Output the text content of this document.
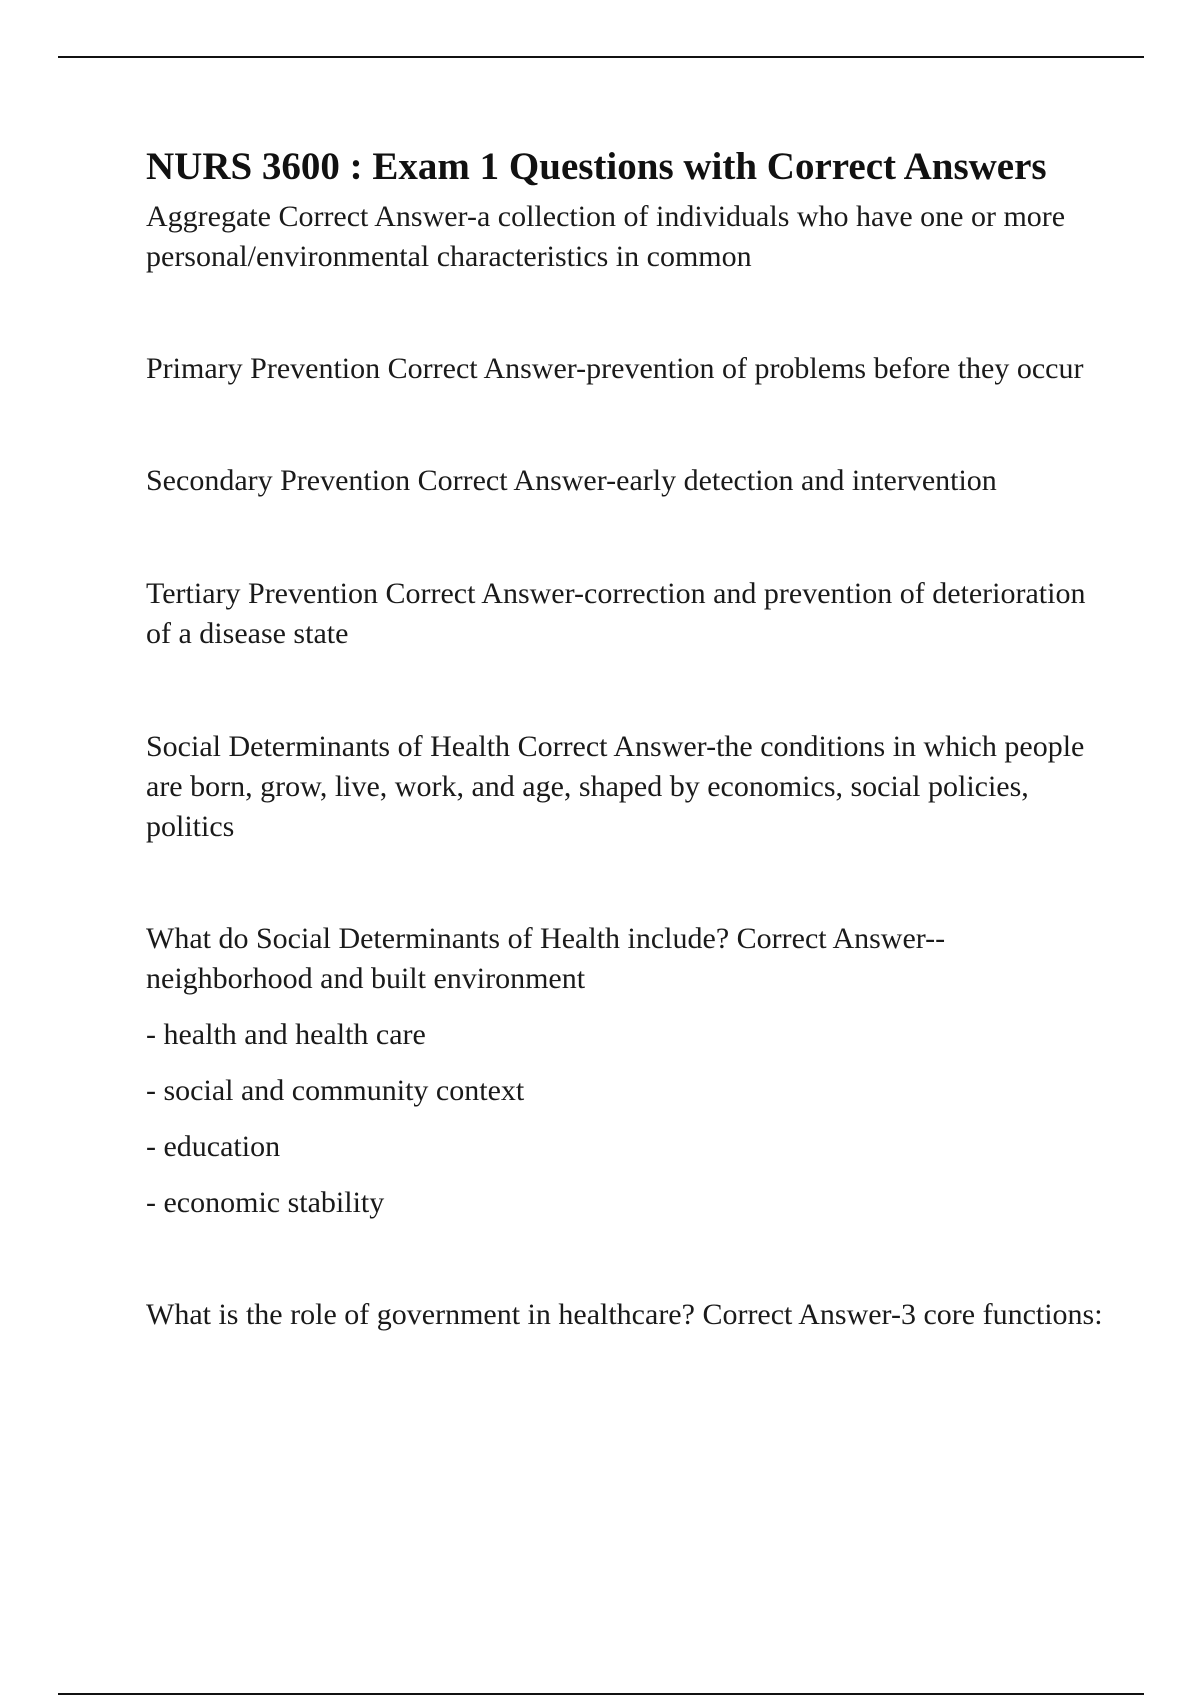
NURS 3600 : Exam 1 Questions with Correct Answers

Aggregate Correct Answer-a collection of individuals who have one or more personal/environmental characteristics in common

Primary Prevention Correct Answer-prevention of problems before they occur

Secondary Prevention Correct Answer-early detection and intervention

Tertiary Prevention Correct Answer-correction and prevention of deterioration of a disease state

Social Determinants of Health Correct Answer-the conditions in which people are born, grow, live, work, and age, shaped by economics, social policies, politics

What do Social Determinants of Health include? Correct Answer-- neighborhood and built environment

- health and health care

- social and community context

- education

- economic stability

What is the role of government in healthcare? Correct Answer-3 core functions:
